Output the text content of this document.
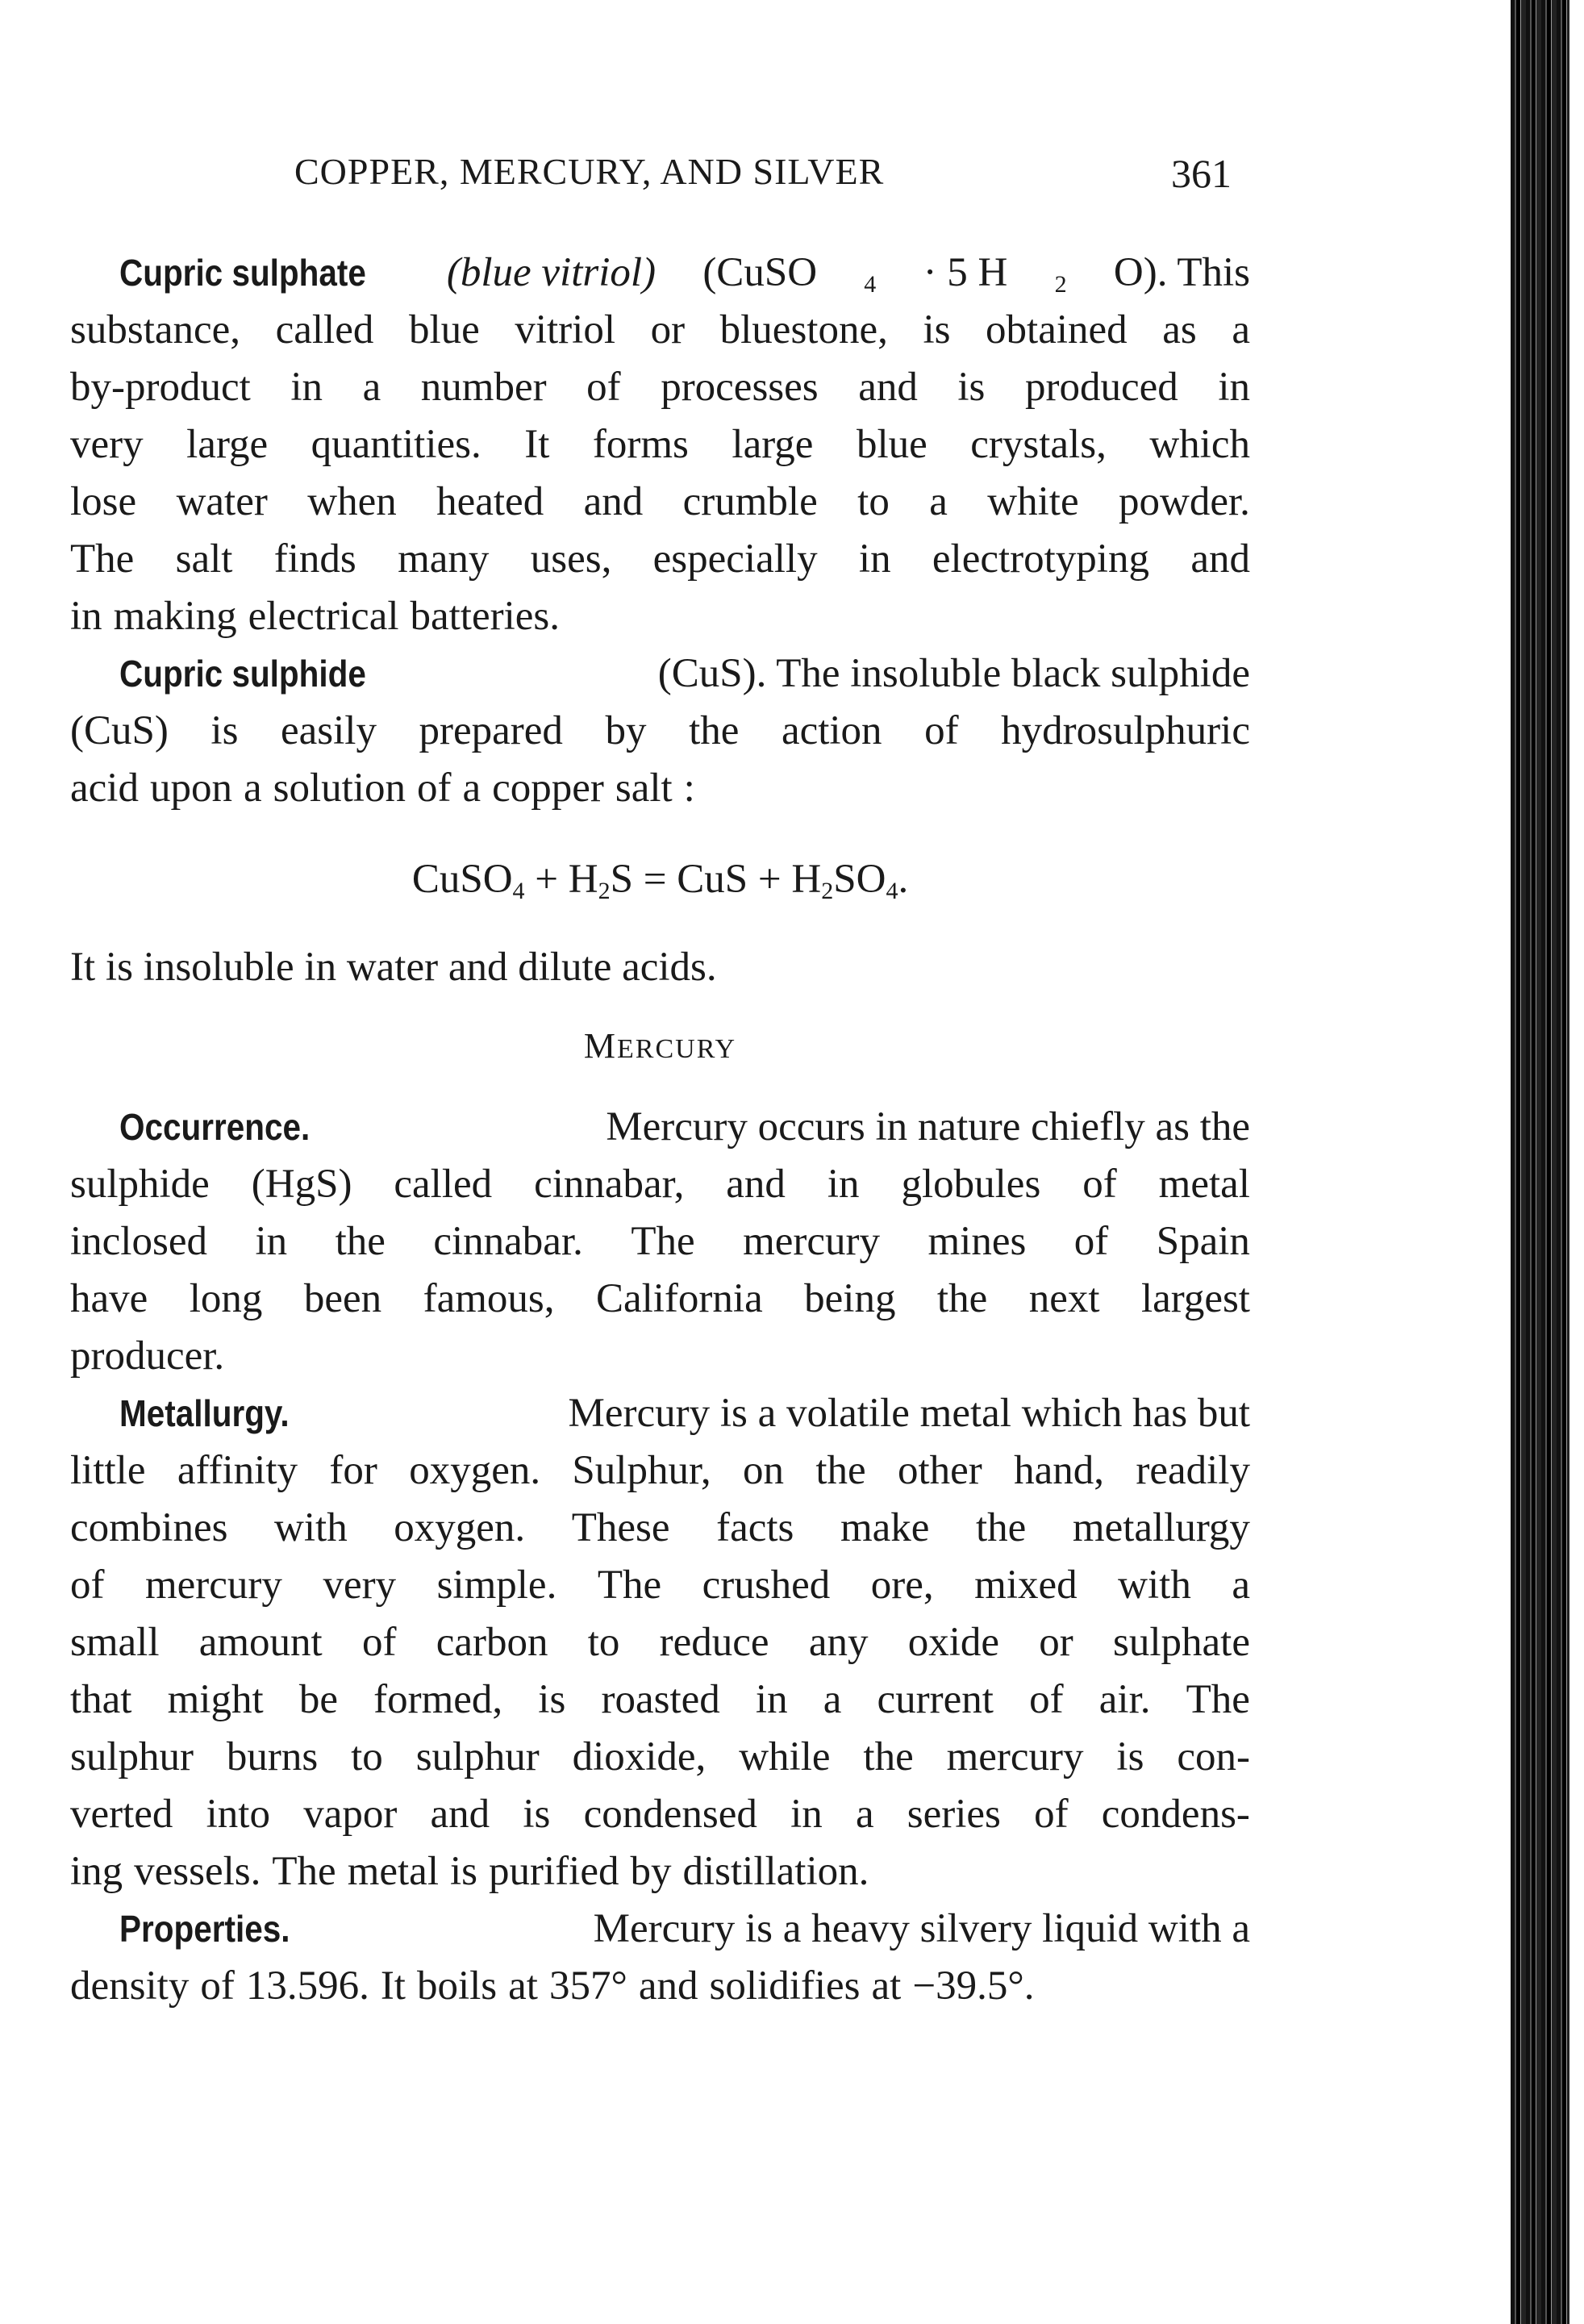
COPPER, MERCURY, AND SILVER	361
Cupric sulphate	(blue vitriol) (CuSO $_4$ · 5 H $_2$ O). This
substance, called blue vitriol or bluestone, is obtained as a
by-product in a number of processes and is produced in
very large quantities. It forms large blue crystals, which
lose water when heated and crumble to a white powder.
The salt finds many uses, especially in electrotyping and
in making electrical batteries.
Cupric sulphide	(CuS). The insoluble black sulphide
(CuS) is easily prepared by the action of hydrosulphuric
acid upon a solution of a copper salt :
CuSO$_4$ + $H_2S$ = CuS + $H_2SO_4$.
It is insoluble in water and dilute acids.
MERCURY
Occurrence.	Mercury occurs in nature chiefly as the
sulphide (HgS) called cinnabar, and in globules of metal
inclosed in the cinnabar. The mercury mines of Spain
have long been famous, California being the next largest
producer.
Metallurgy.	Mercury is a volatile metal which has but
little affinity for oxygen. Sulphur, on the other hand, readily
combines with oxygen. These facts make the metallurgy
of mercury very simple. The crushed ore, mixed with a
small amount of carbon to reduce any oxide or sulphate
that might be formed, is roasted in a current of air. The
sulphur burns to sulphur dioxide, while the mercury is con-
verted into vapor and is condensed in a series of condens-
ing vessels. The metal is purified by distillation.
Properties.	Mercury is a heavy silvery liquid with a
density of 13.596. It boils at 357° and solidifies at −39.5°.
